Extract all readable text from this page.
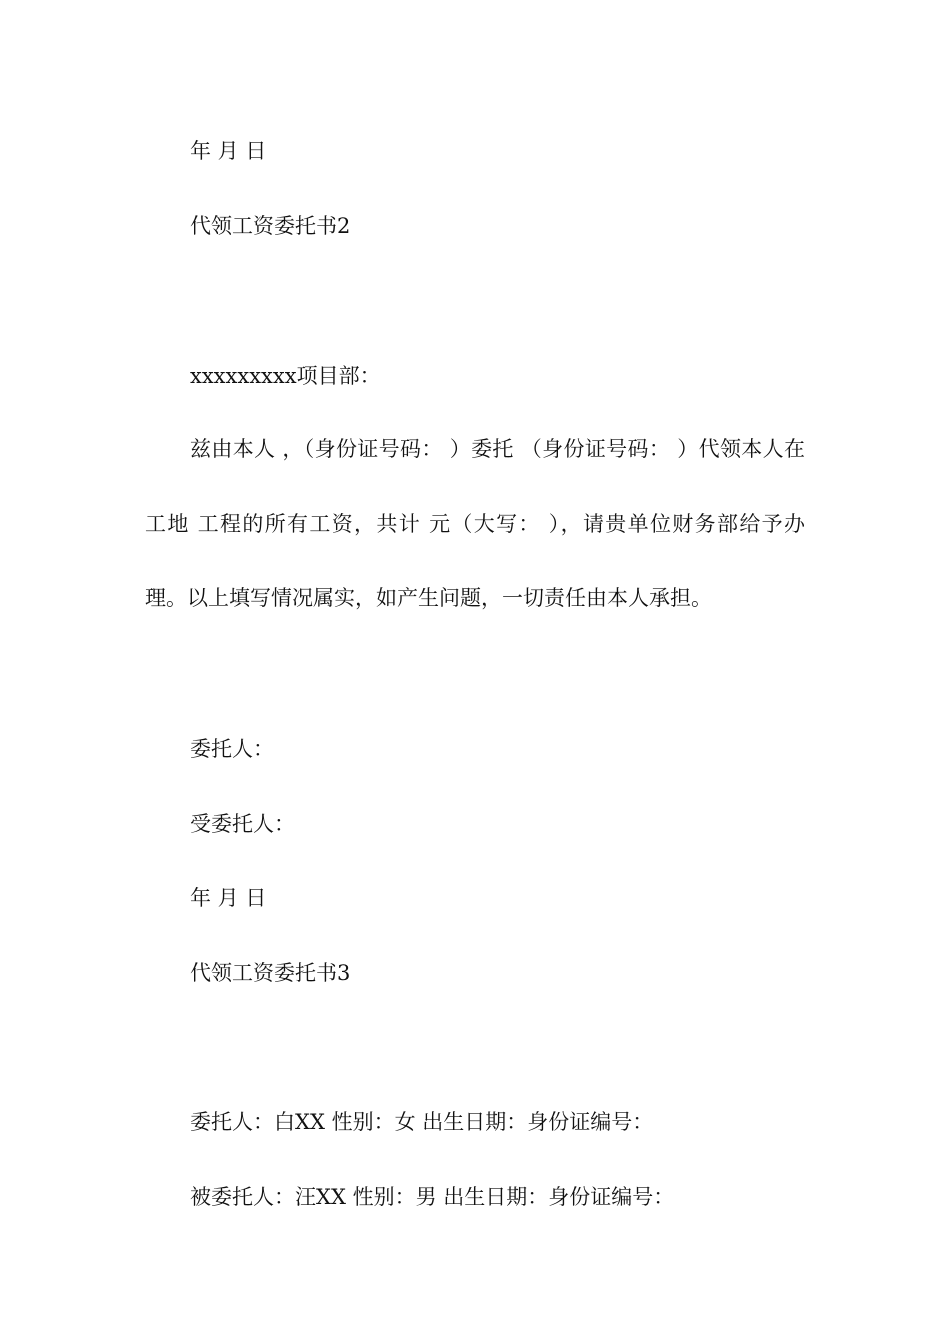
年 月 日
代领工资委托书2
xxxxxxxxx项目部：
兹由本人 ，（身份证号码： ）委托 （身份证号码： ）代领本人在 工地 工程的所有工资，共计 元（大写： ），请贵单位财务部给予办理。以上填写情况属实，如产生问题，一切责任由本人承担。
委托人：
受委托人：
年 月 日
代领工资委托书3
委托人：白XX 性别：女 出生日期：身份证编号：
被委托人：汪XX 性别：男 出生日期：身份证编号：
